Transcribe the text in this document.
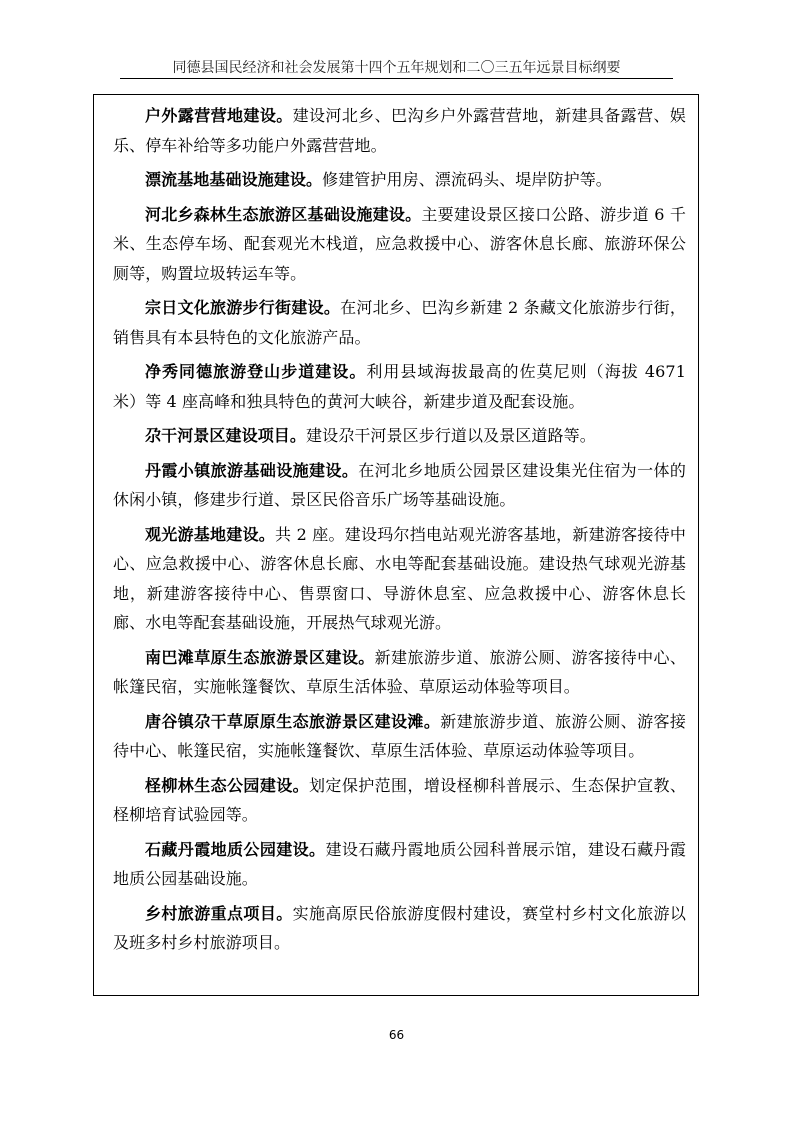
同德县国民经济和社会发展第十四个五年规划和二〇三五年远景目标纲要

户外露营营地建设。建设河北乡、巴沟乡户外露营营地，新建具备露营、娱乐、停车补给等多功能户外露营营地。

漂流基地基础设施建设。修建管护用房、漂流码头、堤岸防护等。

河北乡森林生态旅游区基础设施建设。主要建设景区接口公路、游步道 6 千米、生态停车场、配套观光木栈道，应急救援中心、游客休息长廊、旅游环保公厕等，购置垃圾转运车等。

宗日文化旅游步行街建设。在河北乡、巴沟乡新建 2 条藏文化旅游步行街，销售具有本县特色的文化旅游产品。

净秀同德旅游登山步道建设。利用县域海拔最高的佐莫尼则（海拔 4671 米）等 4 座高峰和独具特色的黄河大峡谷，新建步道及配套设施。

尕干河景区建设项目。建设尕干河景区步行道以及景区道路等。

丹霞小镇旅游基础设施建设。在河北乡地质公园景区建设集光住宿为一体的休闲小镇，修建步行道、景区民俗音乐广场等基础设施。

观光游基地建设。共 2 座。建设玛尔挡电站观光游客基地，新建游客接待中心、应急救援中心、游客休息长廊、水电等配套基础设施。建设热气球观光游基地，新建游客接待中心、售票窗口、导游休息室、应急救援中心、游客休息长廊、水电等配套基础设施，开展热气球观光游。

南巴滩草原生态旅游景区建设。新建旅游步道、旅游公厕、游客接待中心、帐篷民宿，实施帐篷餐饮、草原生活体验、草原运动体验等项目。

唐谷镇尕干草原原生态旅游景区建设滩。新建旅游步道、旅游公厕、游客接待中心、帐篷民宿，实施帐篷餐饮、草原生活体验、草原运动体验等项目。

柽柳林生态公园建设。划定保护范围，增设柽柳科普展示、生态保护宣教、柽柳培育试验园等。

石藏丹霞地质公园建设。建设石藏丹霞地质公园科普展示馆，建设石藏丹霞地质公园基础设施。

乡村旅游重点项目。实施高原民俗旅游度假村建设，赛堂村乡村文化旅游以及班多村乡村旅游项目。

66
